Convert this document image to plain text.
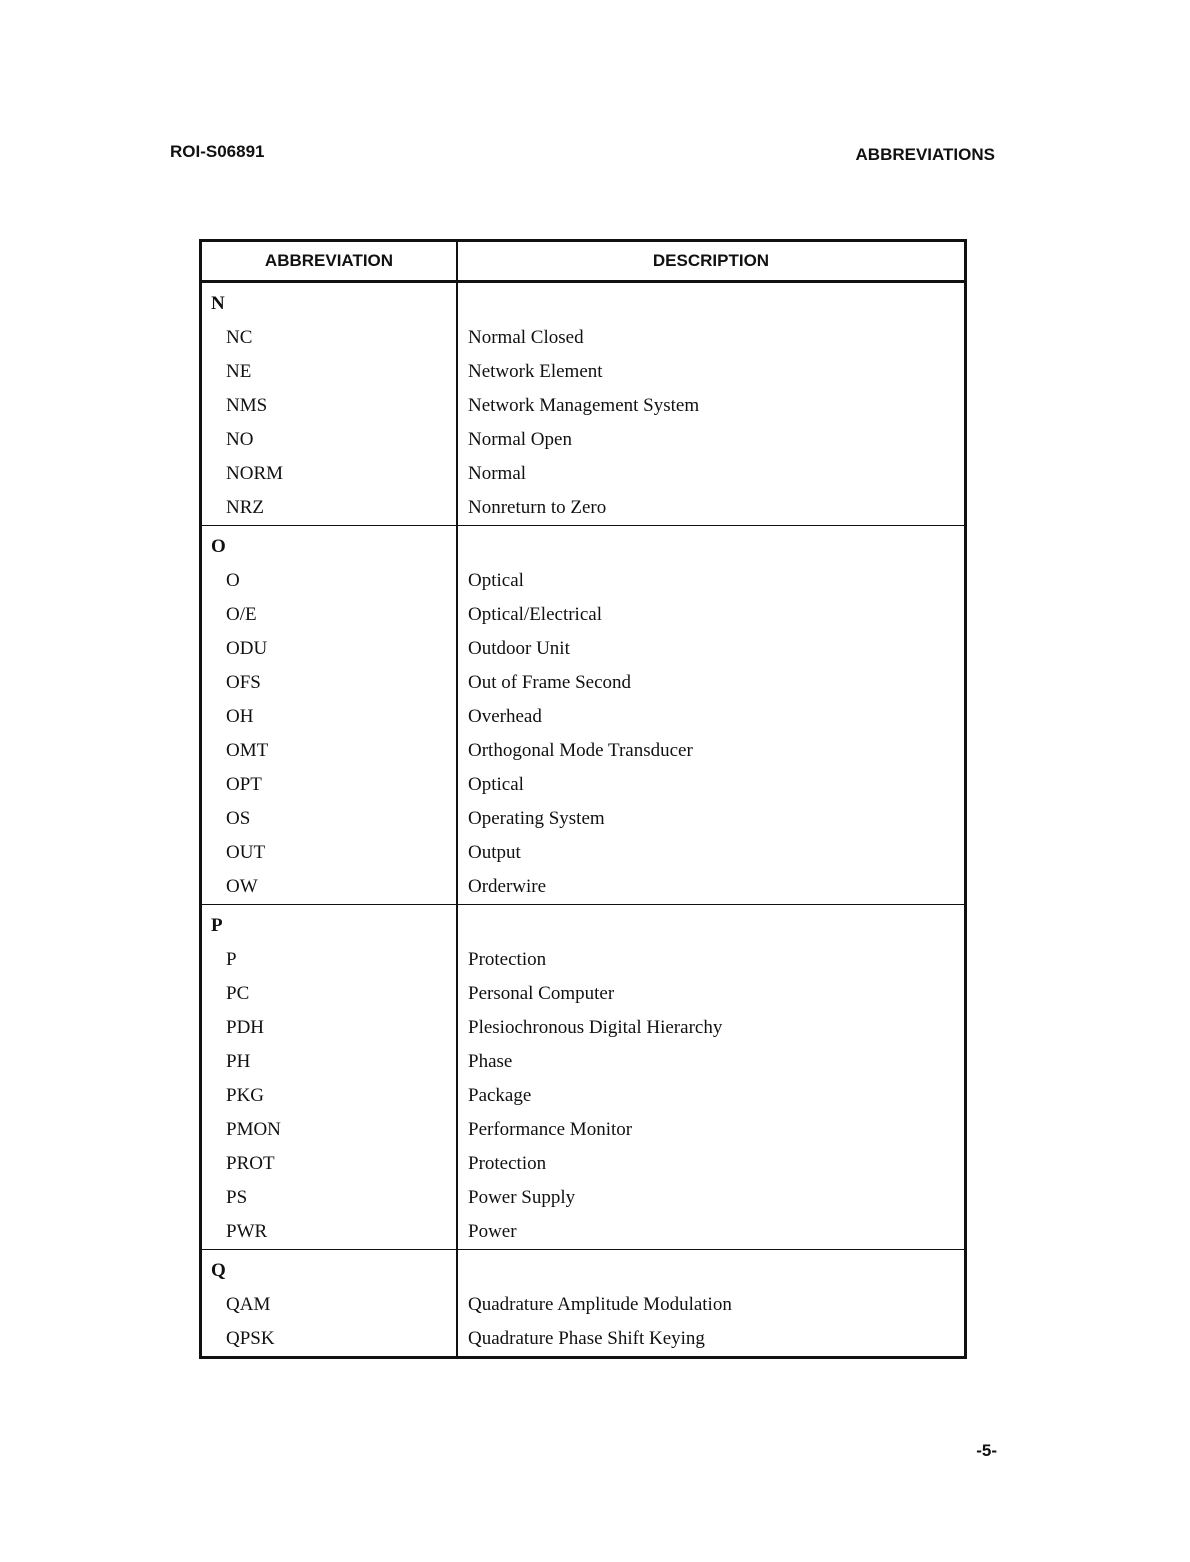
ROI-S06891	ABBREVIATIONS
ABBREVIATION	DESCRIPTION
N
NC
NE
NMS
NO
NORM
NRZ
Normal Closed
Network Element
Network Management System
Normal Open
Normal
Nonreturn to Zero
O
O
O/E
ODU
OFS
OH
OMT
OPT
OS
OUT
OW
Optical
Optical/Electrical
Outdoor Unit
Out of Frame Second
Overhead
Orthogonal Mode Transducer
Optical
Operating System
Output
Orderwire
P
P
PC
PDH
PH
PKG
PMON
PROT
PS
PWR
Protection
Personal Computer
Plesiochronous Digital Hierarchy
Phase
Package
Performance Monitor
Protection
Power Supply
Power
Q
QAM
QPSK
Quadrature Amplitude Modulation
Quadrature Phase Shift Keying
-5-
